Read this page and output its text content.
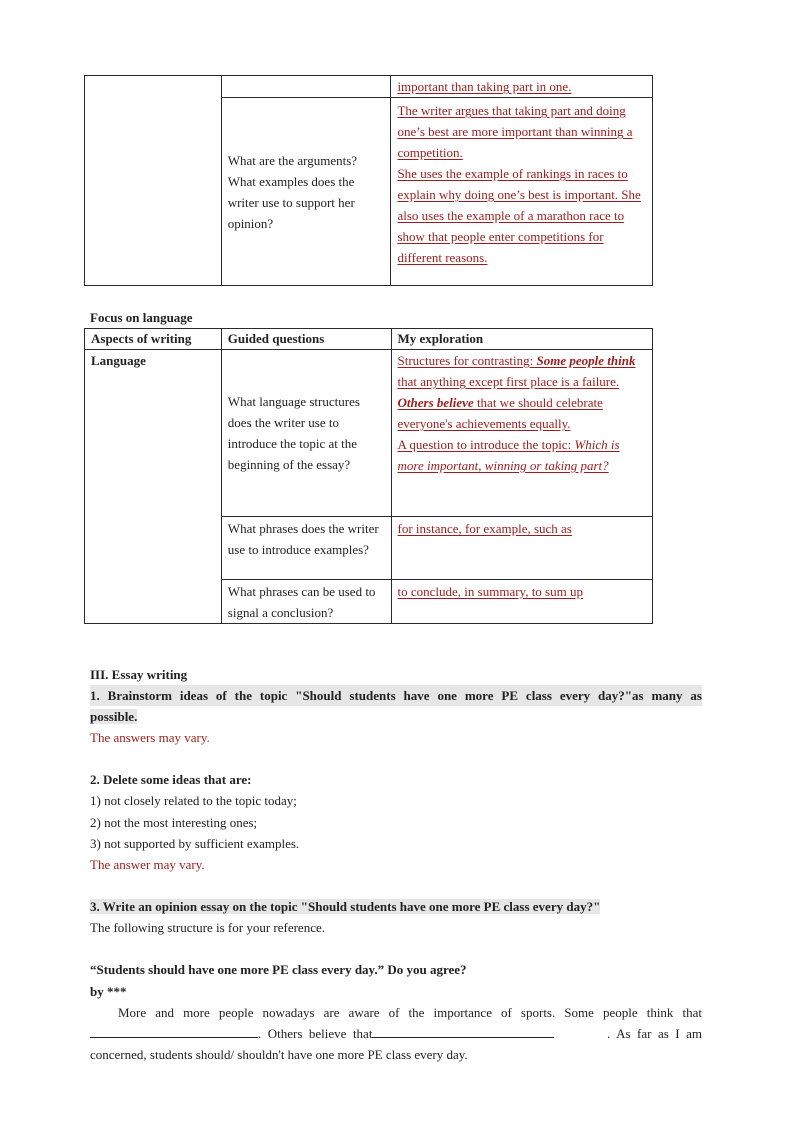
		important than taking part in one.
	What are the arguments? What examples does the writer use to support her opinion?	The writer argues that taking part and doing one’s best are more important than winning a competition.
She uses the example of rankings in races to explain why doing one’s best is important. She also uses the example of a marathon race to show that people enter competitions for different reasons.
Focus on language
Aspects of writing	Guided questions	My exploration
Language	What language structures does the writer use to introduce the topic at the beginning of the essay?	Structures for contrasting: Some people think that anything except first place is a failure. Others believe that we should celebrate everyone's achievements equally.
A question to introduce the topic: Which is more important, winning or taking part?

	What phrases does the writer use to introduce examples?	for instance, for example, such as
	What phrases can be used to signal a conclusion?	to conclude, in summary, to sum up
III. Essay writing
1. Brainstorm ideas of the topic "Should students have one more PE class every day?"as many as
possible.
The answers may vary.
2. Delete some ideas that are:
1) not closely related to the topic today;
2) not the most interesting ones;
3) not supported by sufficient examples.
The answer may vary.
3. Write an opinion essay on the topic "Should students have one more PE class every day?"
The following structure is for your reference.
“Students should have one more PE class every day.” Do you agree?
by ***
More and more people nowadays are aware of the importance of sports. Some people think that
.  Others  believe  that	.  As  far  as  I  am
concerned, students should/ shouldn't have one more PE class every day.
